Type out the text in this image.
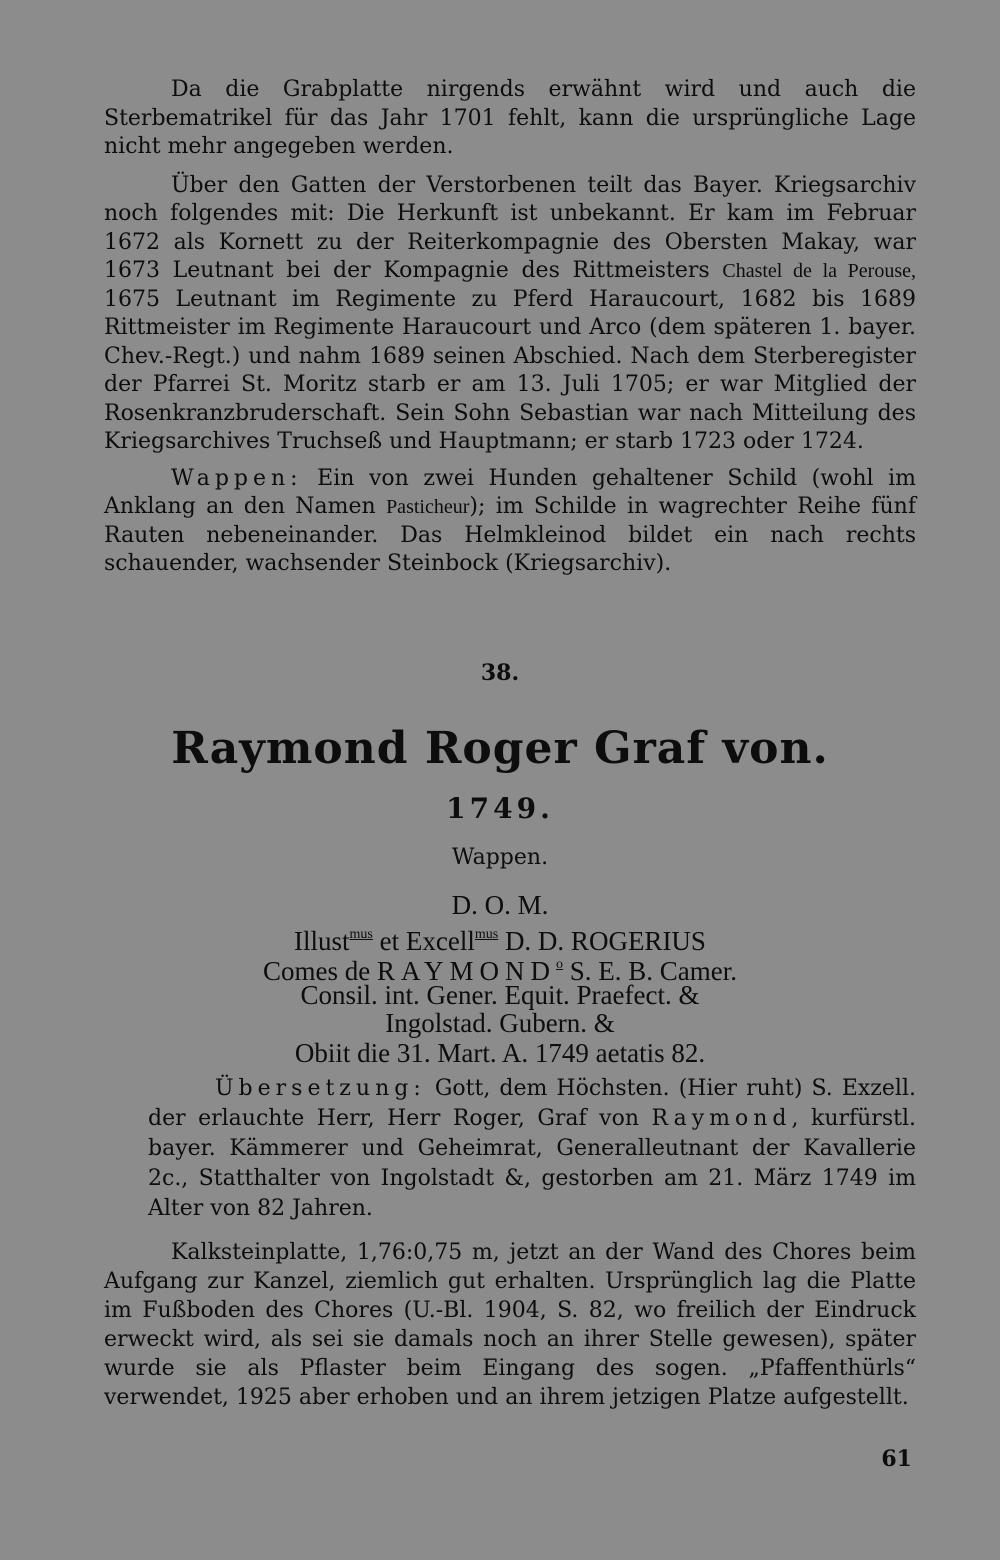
Da die Grabplatte nirgends erwähnt wird und auch die Sterbematrikel für das Jahr 1701 fehlt, kann die ursprüngliche Lage nicht mehr angegeben werden.

Über den Gatten der Verstorbenen teilt das Bayer. Kriegsarchiv noch folgendes mit: Die Herkunft ist unbekannt. Er kam im Februar 1672 als Kornett zu der Reiterkompagnie des Obersten Makay, war 1673 Leutnant bei der Kompagnie des Rittmeisters Chastel de la Perouse, 1675 Leutnant im Regimente zu Pferd Haraucourt, 1682 bis 1689 Rittmeister im Regimente Haraucourt und Arco (dem späteren 1. bayer. Chev.-Regt.) und nahm 1689 seinen Abschied. Nach dem Sterberegister der Pfarrei St. Moritz starb er am 13. Juli 1705; er war Mitglied der Rosenkranzbruderschaft. Sein Sohn Sebastian war nach Mitteilung des Kriegsarchives Truchseß und Hauptmann; er starb 1723 oder 1724.

Wappen: Ein von zwei Hunden gehaltener Schild (wohl im Anklang an den Namen Pasticheur); im Schilde in wagrechter Reihe fünf Rauten nebeneinander. Das Helmkleinod bildet ein nach rechts schauender, wachsender Steinbock (Kriegsarchiv).

38.
Raymond Roger Graf von.
1749.
Wappen.
D. O. M.
Illust$^{mus}$ et Excell$^{mus}$ D. D. ROGERIUS
Comes de RAYMOND$^o$ S. E. B. Camer.
Consil. int. Gener. Equit. Praefect. &
Ingolstad. Gubern. &
Obiit die 31. Mart. A. 1749 aetatis 82.

Übersetzung: Gott, dem Höchsten. (Hier ruht) S. Exzell. der erlauchte Herr, Herr Roger, Graf von Raymond, kurfürstl. bayer. Kämmerer und Geheimrat, Generalleutnant der Kavallerie 2c., Statthalter von Ingolstadt &, gestorben am 21. März 1749 im Alter von 82 Jahren.

Kalksteinplatte, 1,76:0,75 m, jetzt an der Wand des Chores beim Aufgang zur Kanzel, ziemlich gut erhalten. Ursprünglich lag die Platte im Fußboden des Chores (U.-Bl. 1904, S. 82, wo freilich der Eindruck erweckt wird, als sei sie damals noch an ihrer Stelle gewesen), später wurde sie als Pflaster beim Eingang des sogen. „Pfaffenthürls“ verwendet, 1925 aber erhoben und an ihrem jetzigen Platze aufgestellt.

61
